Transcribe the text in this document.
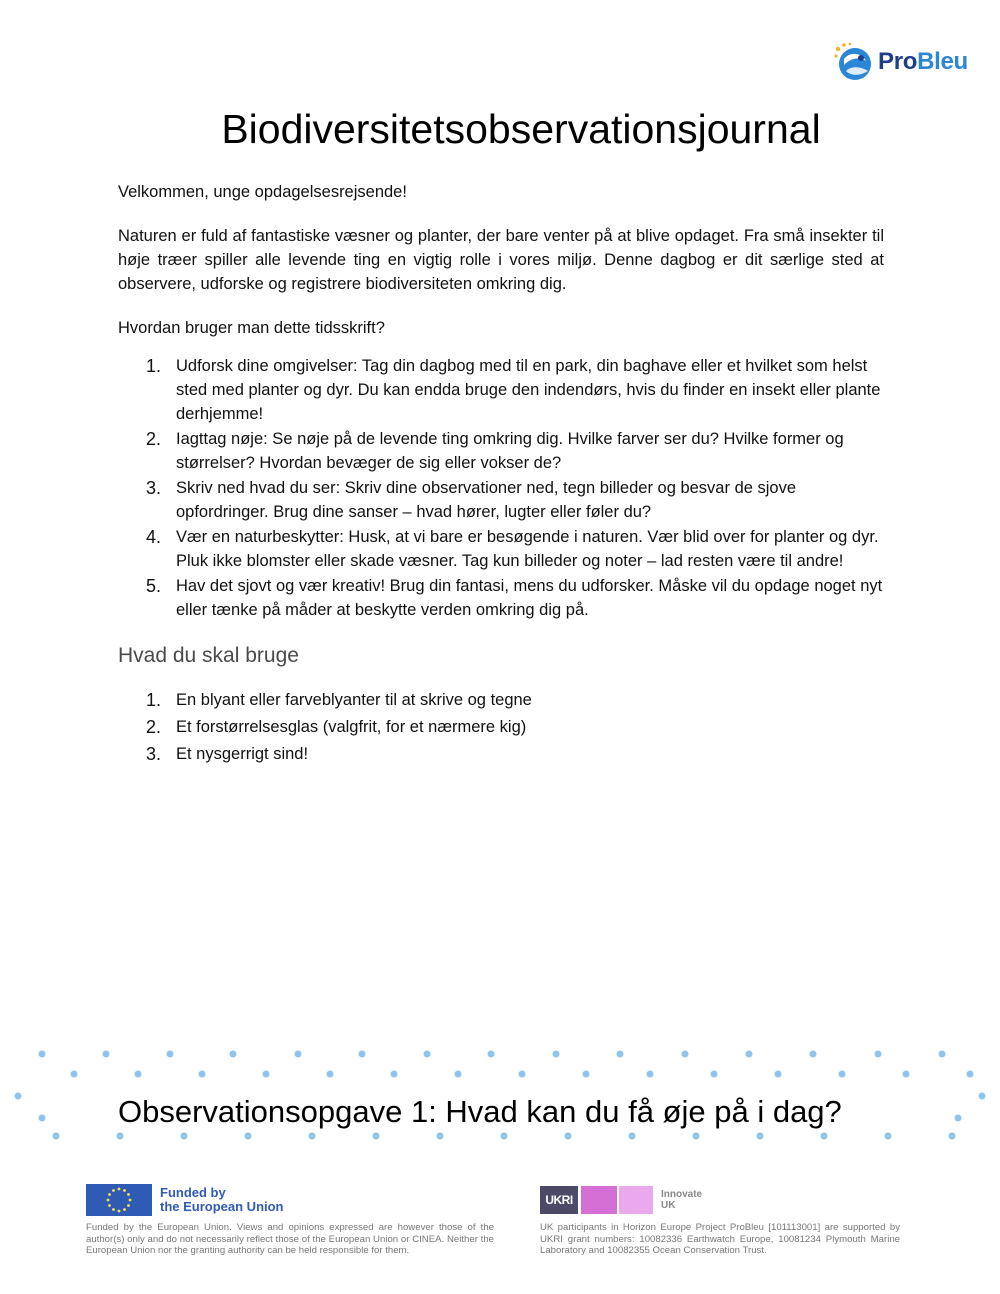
ProBleu
Biodiversitetsobservationsjournal

Velkommen, unge opdagelsesrejsende!

Naturen er fuld af fantastiske væsner og planter, der bare venter på at blive opdaget. Fra små insekter til høje træer spiller alle levende ting en vigtig rolle i vores miljø. Denne dagbog er dit særlige sted at observere, udforske og registrere biodiversiteten omkring dig.

Hvordan bruger man dette tidsskrift?

1. Udforsk dine omgivelser: Tag din dagbog med til en park, din baghave eller et hvilket som helst sted med planter og dyr. Du kan endda bruge den indendørs, hvis du finder en insekt eller plante derhjemme!
2. Iagttag nøje: Se nøje på de levende ting omkring dig. Hvilke farver ser du? Hvilke former og størrelser? Hvordan bevæger de sig eller vokser de?
3. Skriv ned hvad du ser: Skriv dine observationer ned, tegn billeder og besvar de sjove opfordringer. Brug dine sanser – hvad hører, lugter eller føler du?
4. Vær en naturbeskytter: Husk, at vi bare er besøgende i naturen. Vær blid over for planter og dyr. Pluk ikke blomster eller skade væsner. Tag kun billeder og noter – lad resten være til andre!
5. Hav det sjovt og vær kreativ! Brug din fantasi, mens du udforsker. Måske vil du opdage noget nyt eller tænke på måder at beskytte verden omkring dig på.

Hvad du skal bruge

1. En blyant eller farveblyanter til at skrive og tegne
2. Et forstørrelsesglas (valgfrit, for et nærmere kig)
3. Et nysgerrigt sind!
Observationsopgave 1: Hvad kan du få øje på i dag?
Funded by
the European Union
Funded by the European Union. Views and opinions expressed are however those of the author(s) only and do not necessarily reflect those of the European Union or CINEA. Neither the European Union nor the granting authority can be held responsible for them.
UKRI	Innovate
UK
UK participants in Horizon Europe Project ProBleu [101113001] are supported by UKRI grant numbers: 10082336 Earthwatch Europe, 10081234 Plymouth Marine Laboratory and 10082355 Ocean Conservation Trust.
